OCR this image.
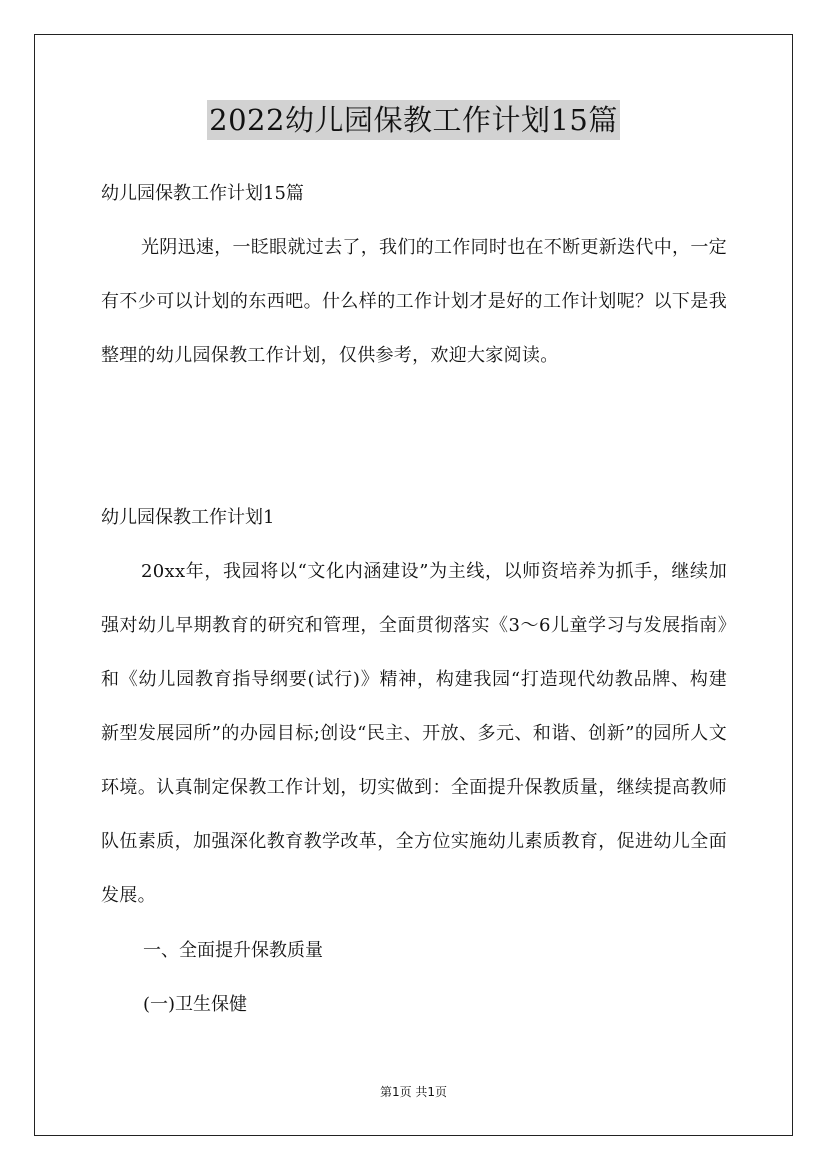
2022幼儿园保教工作计划15篇
幼儿园保教工作计划15篇
光阴迅速，一眨眼就过去了，我们的工作同时也在不断更新迭代中，一定有不少可以计划的东西吧。什么样的工作计划才是好的工作计划呢？以下是我整理的幼儿园保教工作计划，仅供参考，欢迎大家阅读。
幼儿园保教工作计划1
20xx年，我园将以“文化内涵建设”为主线，以师资培养为抓手，继续加强对幼儿早期教育的研究和管理，全面贯彻落实《3～6儿童学习与发展指南》和《幼儿园教育指导纲要(试行)》精神，构建我园“打造现代幼教品牌、构建新型发展园所”的办园目标;创设“民主、开放、多元、和谐、创新”的园所人文环境。认真制定保教工作计划，切实做到：全面提升保教质量，继续提高教师队伍素质，加强深化教育教学改革，全方位实施幼儿素质教育，促进幼儿全面发展。
一、全面提升保教质量
(一)卫生保健
第1页 共1页
